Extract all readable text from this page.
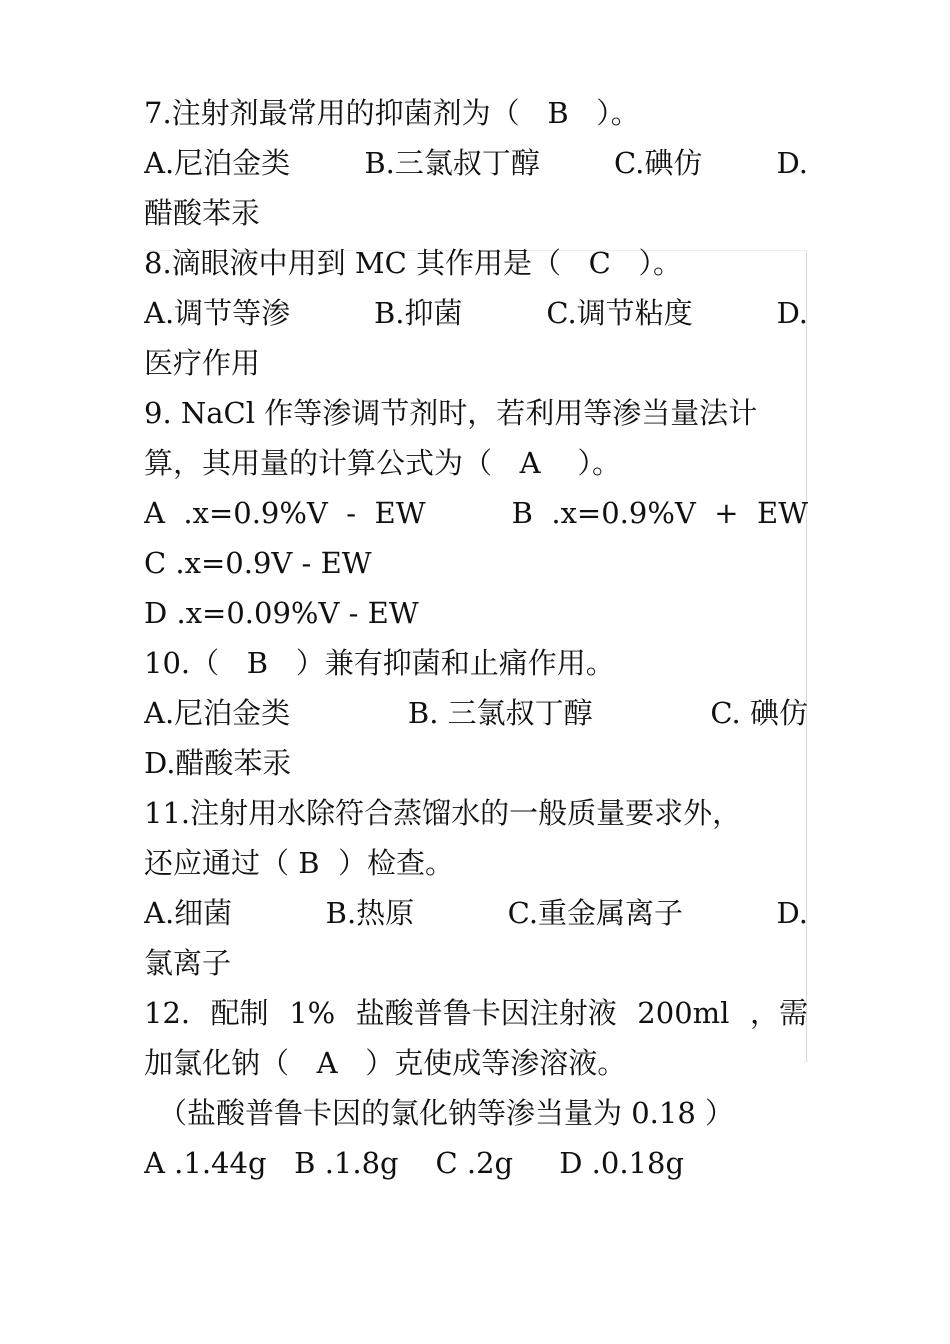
7.注射剂最常用的抑菌剂为（   B   ）。
A.尼泊金类	B.三氯叔丁醇	C.碘仿	D.
醋酸苯汞
8.滴眼液中用到 MC 其作用是（   C   ）。
A.调节等渗	B.抑菌	C.调节粘度	D.
医疗作用
9. NaCl 作等渗调节剂时，若利用等渗当量法计
算，其用量的计算公式为（   A    ）。
A  .x=0.9%V  -  EW	B  .x=0.9%V  +  EW
C .x=0.9V - EW
D .x=0.09%V - EW
10.（   B   ）兼有抑菌和止痛作用。
A.尼泊金类	B. 三氯叔丁醇	C. 碘仿
D.醋酸苯汞
11.注射用水除符合蒸馏水的一般质量要求外，
还应通过（ B  ）检查。
A.细菌	B.热原	C.重金属离子	D.
氯离子
12. 配制 1% 盐酸普鲁卡因注射液 200ml ，需
加氯化钠（   A   ）克使成等渗溶液。
（盐酸普鲁卡因的氯化钠等渗当量为 0.18 ）
A .1.44g   B .1.8g    C .2g     D .0.18g
